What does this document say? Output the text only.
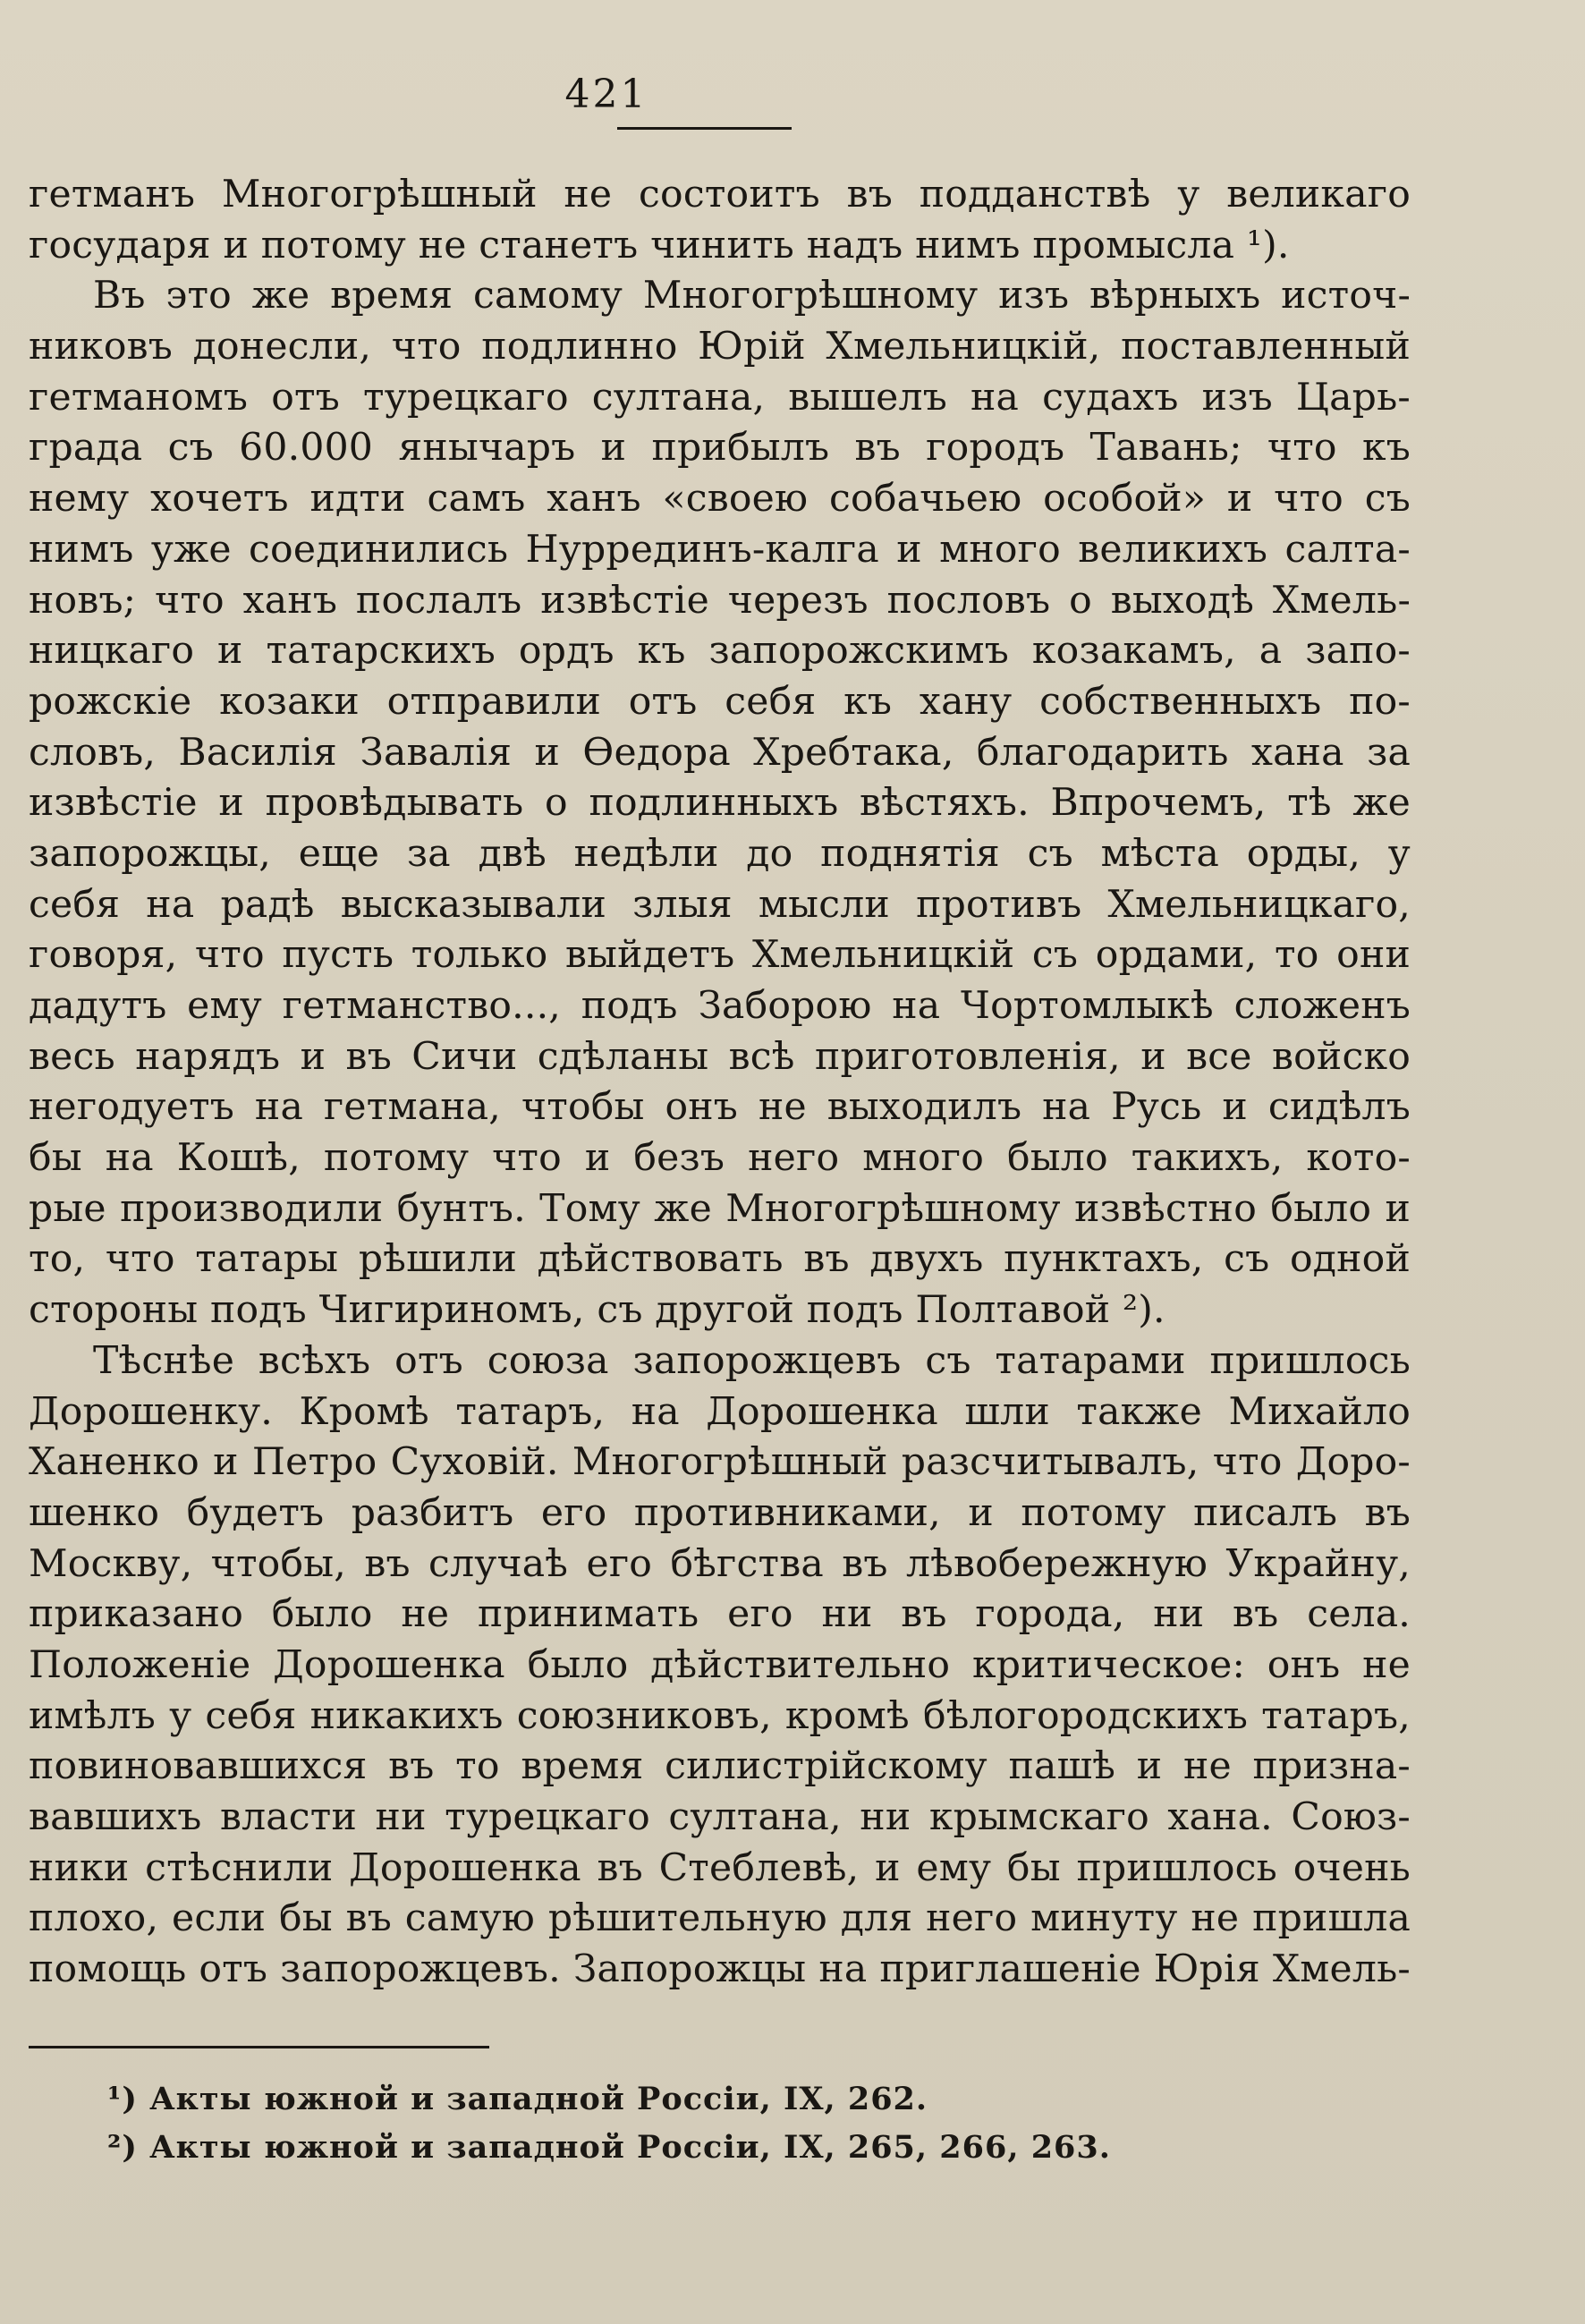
421
гетманъ Многогрѣшный не состоитъ въ подданствѣ у великаго
государя и потому не станетъ чинить надъ нимъ промысла ¹).
Въ это же время самому Многогрѣшному изъ вѣрныхъ источ-
никовъ донесли, что подлинно Юрій Хмельницкій, поставленный
гетманомъ отъ турецкаго султана, вышелъ на судахъ изъ Царь-
града съ 60.000 янычаръ и прибылъ въ городъ Тавань; что къ
нему хочетъ идти самъ ханъ «своею собачьею особой» и что съ
нимъ уже соединились Нуррединъ-калга и много великихъ салта-
новъ; что ханъ послалъ извѣстіе черезъ пословъ о выходѣ Хмель-
ницкаго и татарскихъ ордъ къ запорожскимъ козакамъ, а запо-
рожскіе козаки отправили отъ себя къ хану собственныхъ по-
словъ, Василія Завалія и Ѳедора Хребтака, благодарить хана за
извѣстіе и провѣдывать о подлинныхъ вѣстяхъ. Впрочемъ, тѣ же
запорожцы, еще за двѣ недѣли до поднятія съ мѣста орды, у
себя на радѣ высказывали злыя мысли противъ Хмельницкаго,
говоря, что пусть только выйдетъ Хмельницкій съ ордами, то они
дадутъ ему гетманство..., подъ Заборою на Чортомлыкѣ сложенъ
весь нарядъ и въ Сичи сдѣланы всѣ приготовленія, и все войско
негодуетъ на гетмана, чтобы онъ не выходилъ на Русь и сидѣлъ
бы на Кошѣ, потому что и безъ него много было такихъ, кото-
рые производили бунтъ. Тому же Многогрѣшному извѣстно было и
то, что татары рѣшили дѣйствовать въ двухъ пунктахъ, съ одной
стороны подъ Чигириномъ, съ другой подъ Полтавой ²).
Тѣснѣе всѣхъ отъ союза запорожцевъ съ татарами пришлось
Дорошенку. Кромѣ татаръ, на Дорошенка шли также Михайло
Ханенко и Петро Суховій. Многогрѣшный разсчитывалъ, что Доро-
шенко будетъ разбитъ его противниками, и потому писалъ въ
Москву, чтобы, въ случаѣ его бѣгства въ лѣвобережную Украйну,
приказано было не принимать его ни въ города, ни въ села.
Положеніе Дорошенка было дѣйствительно критическое: онъ не
имѣлъ у себя никакихъ союзниковъ, кромѣ бѣлогородскихъ татаръ,
повиновавшихся въ то время силистрійскому пашѣ и не призна-
вавшихъ власти ни турецкаго султана, ни крымскаго хана. Союз-
ники стѣснили Дорошенка въ Стеблевѣ, и ему бы пришлось очень
плохо, если бы въ самую рѣшительную для него минуту не пришла
помощь отъ запорожцевъ. Запорожцы на приглашеніе Юрія Хмель-
¹) Акты южной и западной Россіи, IX, 262.
²) Акты южной и западной Россіи, IX, 265, 266, 263.
